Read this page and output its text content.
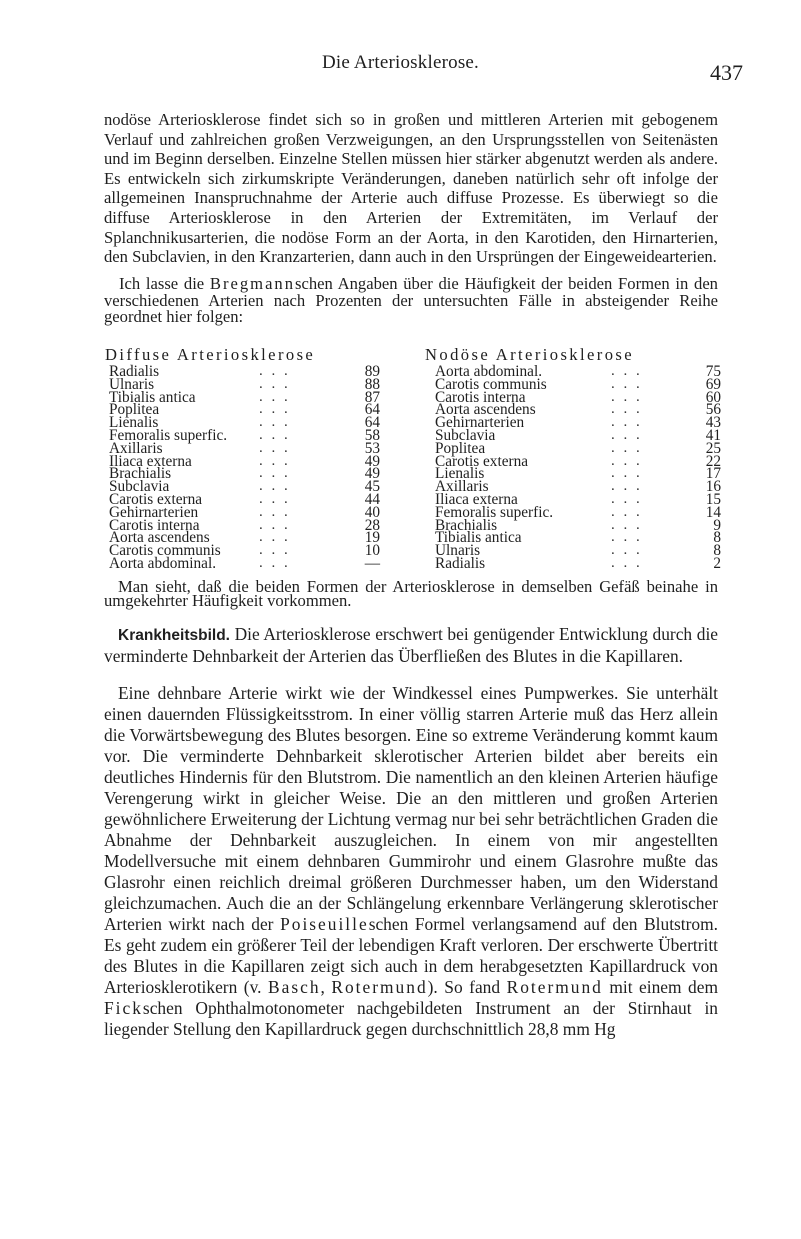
Die Arteriosklerose.	437

nodöse Arteriosklerose findet sich so in großen und mittleren Arterien mit gebogenem Verlauf und zahlreichen großen Verzweigungen, an den Ursprungsstellen von Seitenästen und im Beginn derselben. Einzelne Stellen müssen hier stärker abgenutzt werden als andere. Es entwickeln sich zirkumskripte Veränderungen, daneben natürlich sehr oft infolge der allgemeinen Inanspruchnahme der Arterie auch diffuse Prozesse. Es überwiegt so die diffuse Arteriosklerose in den Arterien der Extremitäten, im Verlauf der Splanchnikusarterien, die nodöse Form an der Aorta, in den Karotiden, den Hirnarterien, den Subclavien, in den Kranzarterien, dann auch in den Ursprüngen der Eingeweidearterien.

Ich lasse die Bregmannschen Angaben über die Häufigkeit der beiden Formen in den verschiedenen Arterien nach Prozenten der untersuchten Fälle in absteigender Reihe geordnet hier folgen:

Diffuse Arteriosklerose
Radialis	. . .	89
Ulnaris	. . .	88
Tibialis antica	. . .	87
Poplitea	. . .	64
Lienalis	. . .	64
Femoralis superfic. . . .	58
Axillaris	. . .	53
Iliaca externa	. . .	49
Brachialis	. . .	49
Subclavia	. . .	45
Carotis externa	. . .	44
Gehirnarterien	. . .	40
Carotis interna	. . .	28
Aorta ascendens	. . .	19
Carotis communis	. . .	10
Aorta abdominal.	. . .	—
Nodöse Arteriosklerose
Aorta abdominal.	. . .	75
Carotis communis	. . .	69
Carotis interna	. . .	60
Aorta ascendens	. . .	56
Gehirnarterien	. . .	43
Subclavia	. . .	41
Poplitea	. . .	25
Carotis externa	. . .	22
Lienalis	. . .	17
Axillaris	. . .	16
Iliaca externa	. . .	15
Femoralis superfic.	. . .	14
Brachialis	. . .	9
Tibialis antica	. . .	8
Ulnaris	. . .	8
Radialis	. . .	2

Man sieht, daß die beiden Formen der Arteriosklerose in demselben Gefäß beinahe in umgekehrter Häufigkeit vorkommen.

Krankheitsbild. Die Arteriosklerose erschwert bei genügender Entwicklung durch die verminderte Dehnbarkeit der Arterien das Überfließen des Blutes in die Kapillaren.

Eine dehnbare Arterie wirkt wie der Windkessel eines Pumpwerkes. Sie unterhält einen dauernden Flüssigkeitsstrom. In einer völlig starren Arterie muß das Herz allein die Vorwärtsbewegung des Blutes besorgen. Eine so extreme Veränderung kommt kaum vor. Die verminderte Dehnbarkeit sklerotischer Arterien bildet aber bereits ein deutliches Hindernis für den Blutstrom. Die namentlich an den kleinen Arterien häufige Verengerung wirkt in gleicher Weise. Die an den mittleren und großen Arterien gewöhnlichere Erweiterung der Lichtung vermag nur bei sehr beträchtlichen Graden die Abnahme der Dehnbarkeit auszugleichen. In einem von mir angestellten Modellversuche mit einem dehnbaren Gummirohr und einem Glasrohre mußte das Glasrohr einen reichlich dreimal größeren Durchmesser haben, um den Widerstand gleichzumachen. Auch die an der Schlängelung erkennbare Verlängerung sklerotischer Arterien wirkt nach der Poiseuilleschen Formel verlangsamend auf den Blutstrom. Es geht zudem ein größerer Teil der lebendigen Kraft verloren. Der erschwerte Übertritt des Blutes in die Kapillaren zeigt sich auch in dem herabgesetzten Kapillardruck von Arteriosklerotikern (v. Basch, Rotermund). So fand Rotermund mit einem dem Fickschen Ophthalmotonometer nachgebildeten Instrument an der Stirnhaut in liegender Stellung den Kapillardruck gegen durchschnittlich 28,8 mm Hg
